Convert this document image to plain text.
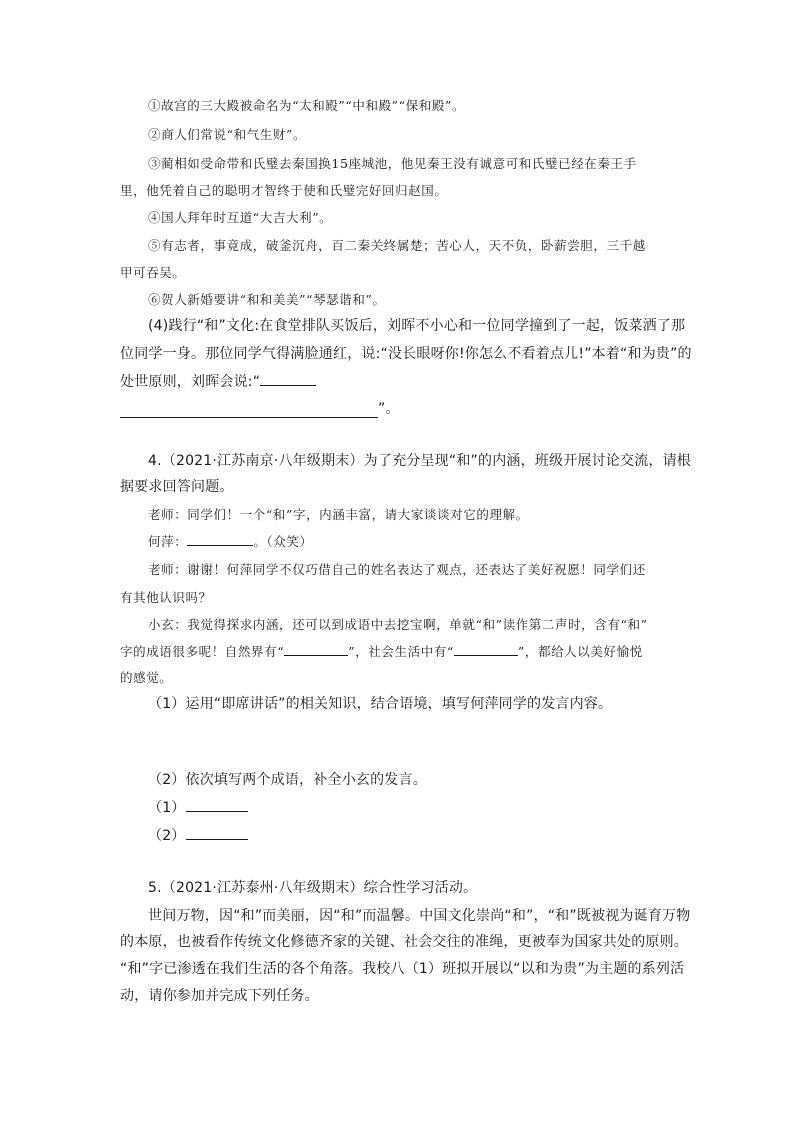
①故宫的三大殿被命名为“太和殿”“中和殿”“保和殿”。
②商人们常说“和气生财”。
③蔺相如受命带和氏璧去秦国换15座城池，他见秦王没有诚意可和氏璧已经在秦王手
里，他凭着自己的聪明才智终于使和氏璧完好回归赵国。
④国人拜年时互道“大吉大利”。
⑤有志者，事竟成，破釜沉舟，百二秦关终属楚；苦心人，天不负，卧薪尝胆，三千越
甲可吞吴。
⑥贺人新婚要讲“和和美美”“琴瑟谐和”。
(4)践行“和”文化:在食堂排队买饭后，刘晖不小心和一位同学撞到了一起，饭菜洒了那
位同学一身。那位同学气得满脸通红，说:“没长眼呀你!你怎么不看着点儿!”本着“和为贵”的
处世原则，刘晖会说:“
”。
4.（2021·江苏南京·八年级期末）为了充分呈现“和”的内涵，班级开展讨论交流，请根
据要求回答问题。
老师：同学们！一个“和”字，内涵丰富，请大家谈谈对它的理解。
何萍：	。（众笑）
老师：谢谢！何萍同学不仅巧借自己的姓名表达了观点，还表达了美好祝愿！同学们还
有其他认识吗？
小玄：我觉得探求内涵，还可以到成语中去挖宝啊，单就“和”读作第二声时，含有“和”
字的成语很多呢！自然界有“	”，社会生活中有“	”，都给人以美好愉悦
的感觉。
（1）运用“即席讲话”的相关知识，结合语境，填写何萍同学的发言内容。
（2）依次填写两个成语，补全小玄的发言。
（1）
（2）
5.（2021·江苏泰州·八年级期末）综合性学习活动。
世间万物，因“和”而美丽，因“和”而温馨。中国文化崇尚“和”，“和”既被视为诞育万物
的本原，也被看作传统文化修德齐家的关键、社会交往的准绳，更被奉为国家共处的原则。
“和”字已渗透在我们生活的各个角落。我校八（1）班拟开展以“以和为贵”为主题的系列活
动，请你参加并完成下列任务。
